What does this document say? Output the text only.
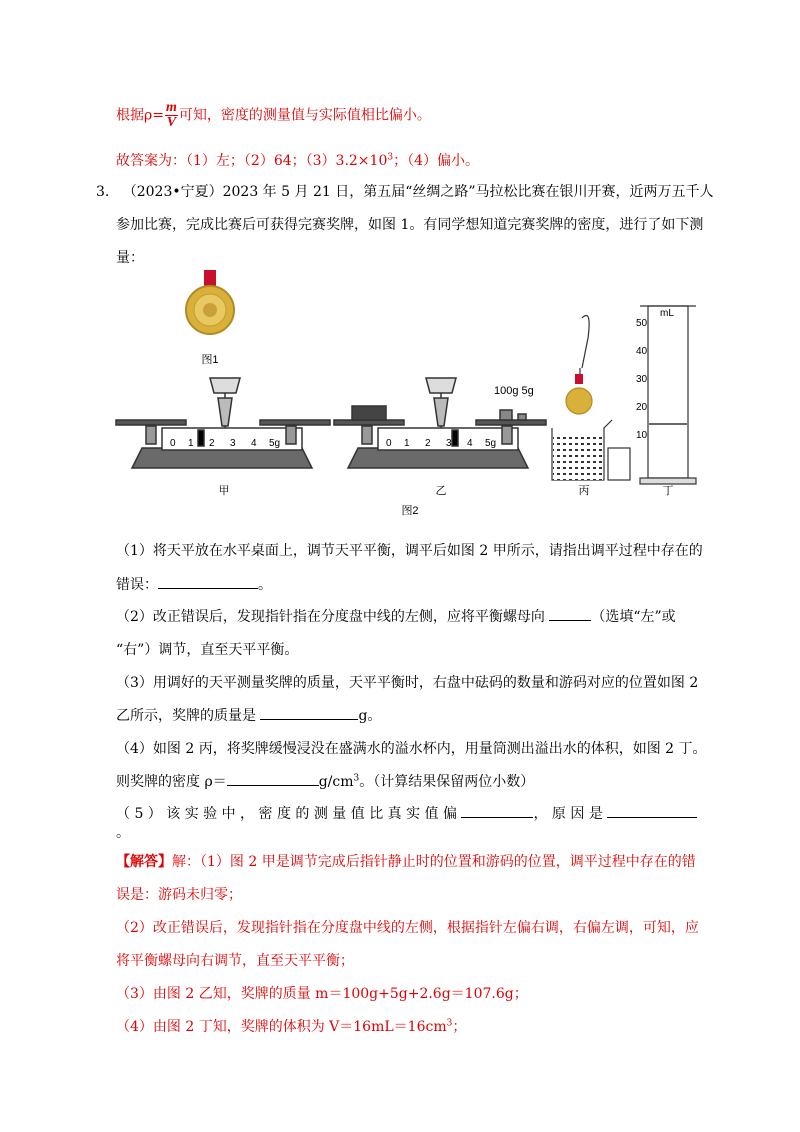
根据$\rho= \frac{m}{V}$ 可知，密度的测量值与实际值相比偏小。
故答案为：（1）左；（2）64；$(3)3.2\times 10^3$；（4）偏小。
3. （2023•宁夏）2023 年 5 月 21 日，第五届“丝绸之路”马拉松比赛在银川开赛，近两万五千人
参加比赛，完成比赛后可获得完赛奖牌，如图 1。有同学想知道完赛奖牌的密度，进行了如下测
量：
图1
0 1 2 3 4 5g
甲
0 1 2 3 4 5g
100g 5g
乙
图2
丙
mL
50
40
30
20
10
丁
（1）将天平放在水平桌面上，调节天平平衡，调平后如图 2 甲所示，请指出调平过程中存在的
错误：	。
（2）改正错误后，发现指针指在分度盘中线的左侧，应将平衡螺母向	（选填“左”或
“右”）调节，直至天平平衡。
（3）用调好的天平测量奖牌的质量，天平平衡时，右盘中砝码的数量和游码对应的位置如图 2
乙所示，奖牌的质量是	g。
（4）如图 2 丙，将奖牌缓慢浸没在盛满水的溢水杯内，用量筒测出溢出水的体积，如图 2 丁。
则奖牌的密度 ρ＝	$g/cm^3$。（计算结果保留两位小数）
（ 5 ） 该 实 验 中 ， 密 度 的 测 量 值 比 真 实 值 偏	， 原 因 是
。
【解答】解：（1）图 2 甲是调节完成后指针静止时的位置和游码的位置，调平过程中存在的错
误是：游码未归零；
（2）改正错误后，发现指针指在分度盘中线的左侧，根据指针左偏右调，右偏左调，可知，应
将平衡螺母向右调节，直至天平平衡；
（3）由图 2 乙知，奖牌的质量 m＝100g+5g+2.6g＝107.6g；
（4）由图 2 丁知，奖牌的体积为 $V=16mL=16cm^3$；
